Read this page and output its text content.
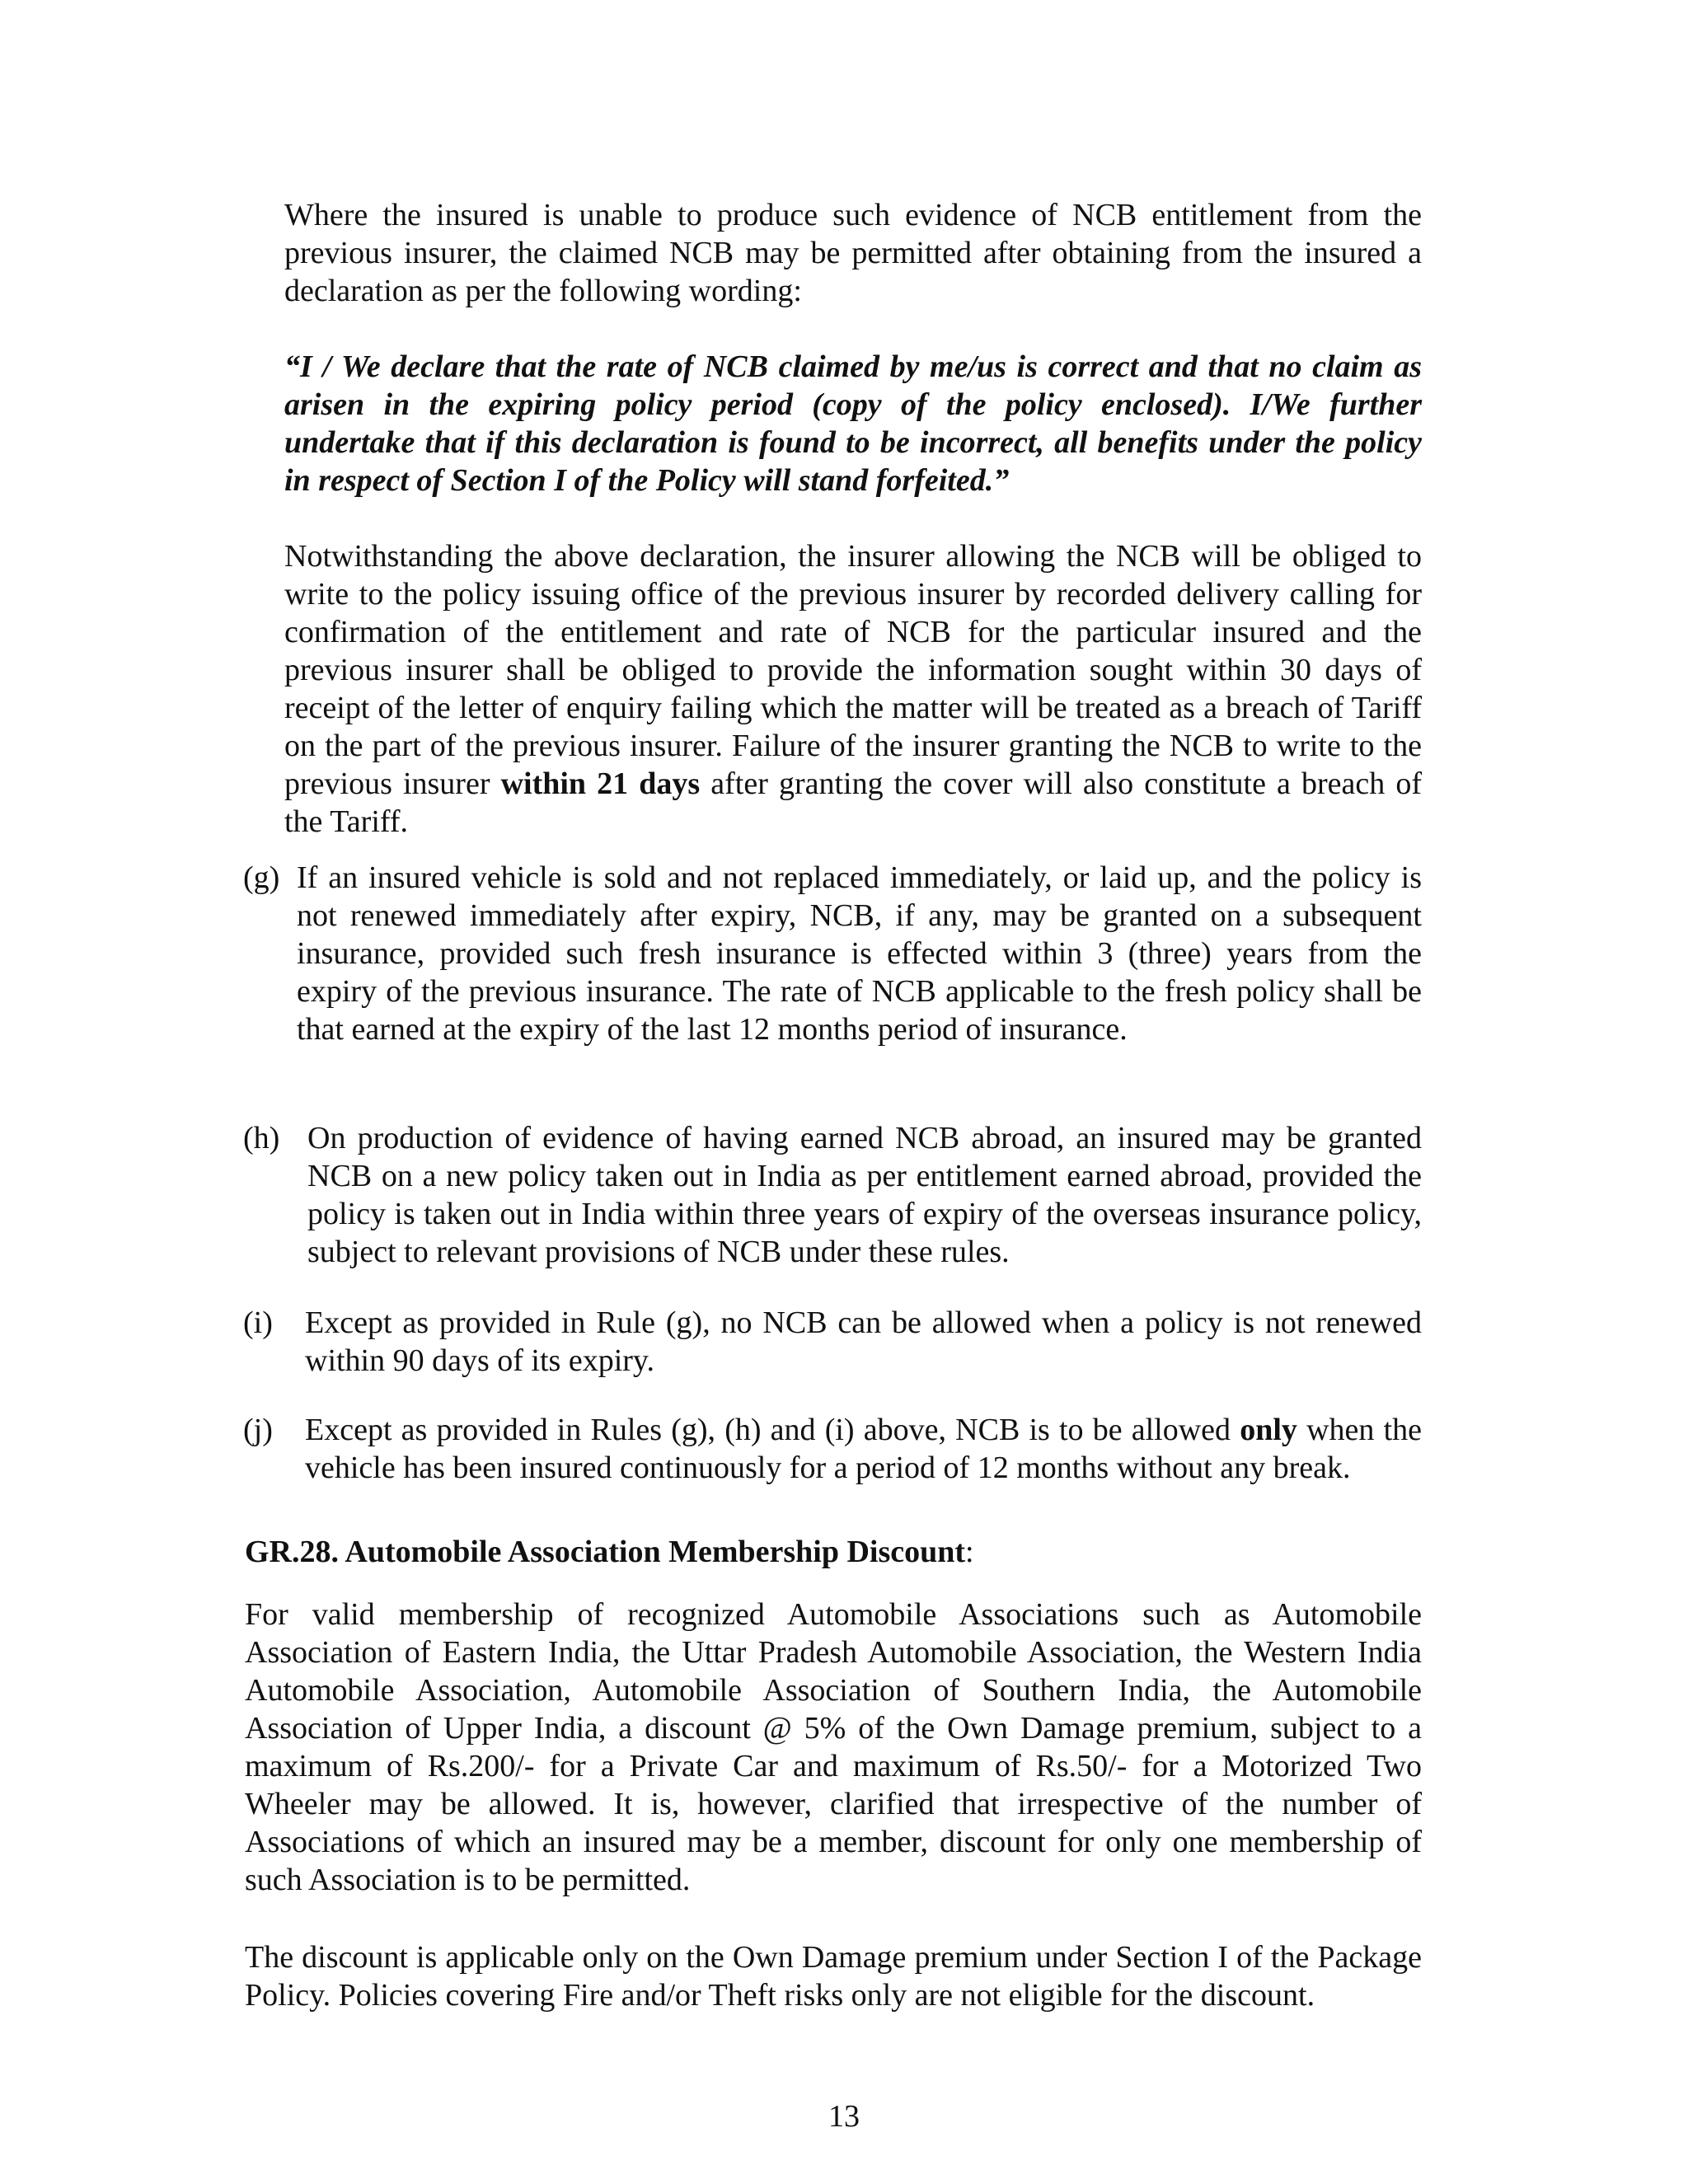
Where the insured is unable to produce such evidence of NCB entitlement from the previous insurer, the claimed NCB may be permitted after obtaining from the insured a declaration as per the following wording:

“I / We declare that the rate of NCB claimed by me/us is correct and that no claim as arisen in the expiring policy period (copy of the policy enclosed). I/We further undertake that if this declaration is found to be incorrect, all benefits under the policy in respect of Section I of the Policy will stand forfeited.”

Notwithstanding the above declaration, the insurer allowing the NCB will be obliged to write to the policy issuing office of the previous insurer by recorded delivery calling for confirmation of the entitlement and rate of NCB for the particular insured and the previous insurer shall be obliged to provide the information sought within 30 days of receipt of the letter of enquiry failing which the matter will be treated as a breach of Tariff on the part of the previous insurer. Failure of the insurer granting the NCB to write to the previous insurer within 21 days after granting the cover will also constitute a breach of the Tariff.

(g) If an insured vehicle is sold and not replaced immediately, or laid up, and the policy is not renewed immediately after expiry, NCB, if any, may be granted on a subsequent insurance, provided such fresh insurance is effected within 3 (three) years from the expiry of the previous insurance. The rate of NCB applicable to the fresh policy shall be that earned at the expiry of the last 12 months period of insurance.

(h) On production of evidence of having earned NCB abroad, an insured may be granted NCB on a new policy taken out in India as per entitlement earned abroad, provided the policy is taken out in India within three years of expiry of the overseas insurance policy, subject to relevant provisions of NCB under these rules.

(i) Except as provided in Rule (g), no NCB can be allowed when a policy is not renewed within 90 days of its expiry.

(j) Except as provided in Rules (g), (h) and (i) above, NCB is to be allowed only when the vehicle has been insured continuously for a period of 12 months without any break.

GR.28. Automobile Association Membership Discount:

For valid membership of recognized Automobile Associations such as Automobile Association of Eastern India, the Uttar Pradesh Automobile Association, the Western India Automobile Association, Automobile Association of Southern India, the Automobile Association of Upper India, a discount @ 5% of the Own Damage premium, subject to a maximum of Rs.200/- for a Private Car and maximum of Rs.50/- for a Motorized Two Wheeler may be allowed. It is, however, clarified that irrespective of the number of Associations of which an insured may be a member, discount for only one membership of such Association is to be permitted.

The discount is applicable only on the Own Damage premium under Section I of the Package Policy. Policies covering Fire and/or Theft risks only are not eligible for the discount.

13
